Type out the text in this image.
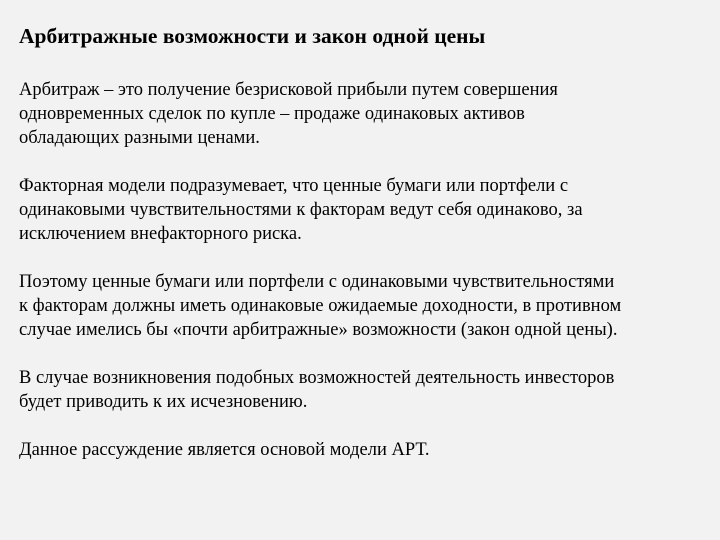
Арбитражные возможности и закон одной цены

Арбитраж – это получение безрисковой прибыли путем совершения
одновременных сделок по купле – продаже одинаковых активов
обладающих разными ценами.

Факторная модели подразумевает, что ценные бумаги или портфели с
одинаковыми чувствительностями к факторам ведут себя одинаково, за
исключением внефакторного риска.

Поэтому ценные бумаги или портфели с одинаковыми чувствительностями
к факторам должны иметь одинаковые ожидаемые доходности, в противном
случае имелись бы «почти арбитражные» возможности (закон одной цены).

В случае возникновения подобных возможностей деятельность инвесторов
будет приводить к их исчезновению.

Данное рассуждение является основой модели АРТ.
